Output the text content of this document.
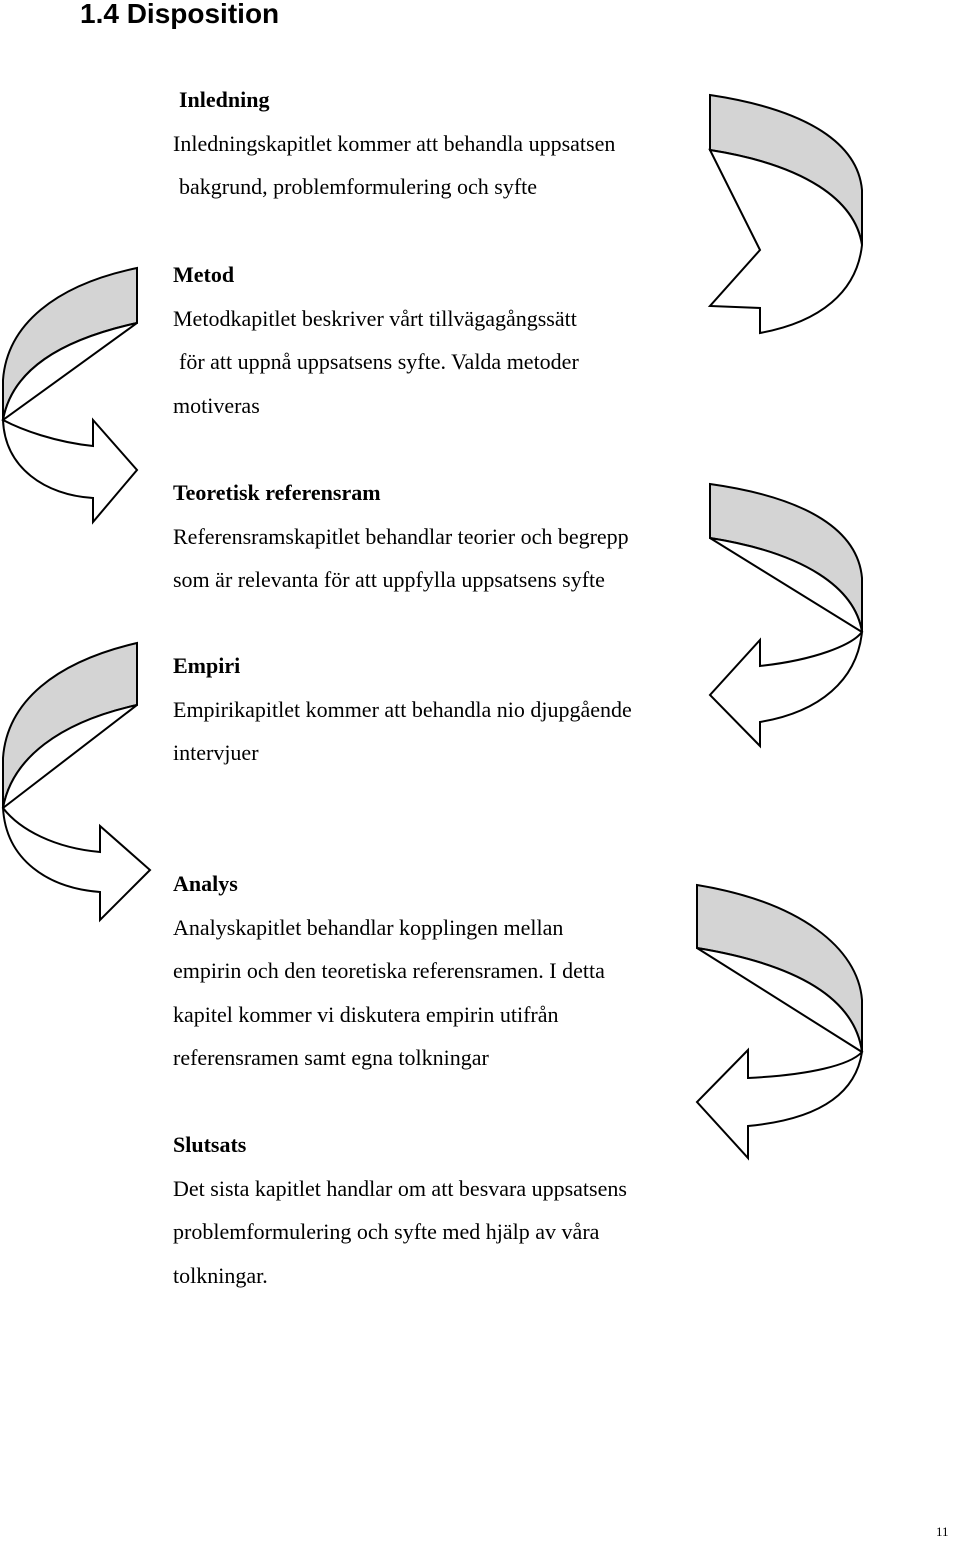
1.4 Disposition
Inledning
Inledningskapitlet kommer att behandla uppsatsen
bakgrund, problemformulering och syfte
Metod
Metodkapitlet beskriver vårt tillvägagångssätt
för att uppnå uppsatsens syfte. Valda metoder
motiveras
Teoretisk referensram
Referensramskapitlet behandlar teorier och begrepp
som är relevanta för att uppfylla uppsatsens syfte
Empiri
Empirikapitlet kommer att behandla nio djupgående
intervjuer
Analys
Analyskapitlet behandlar kopplingen mellan
empirin och den teoretiska referensramen. I detta
kapitel kommer vi diskutera empirin utifrån
referensramen samt egna tolkningar
Slutsats
Det sista kapitlet handlar om att besvara uppsatsens
problemformulering och syfte med hjälp av våra
tolkningar.
11
